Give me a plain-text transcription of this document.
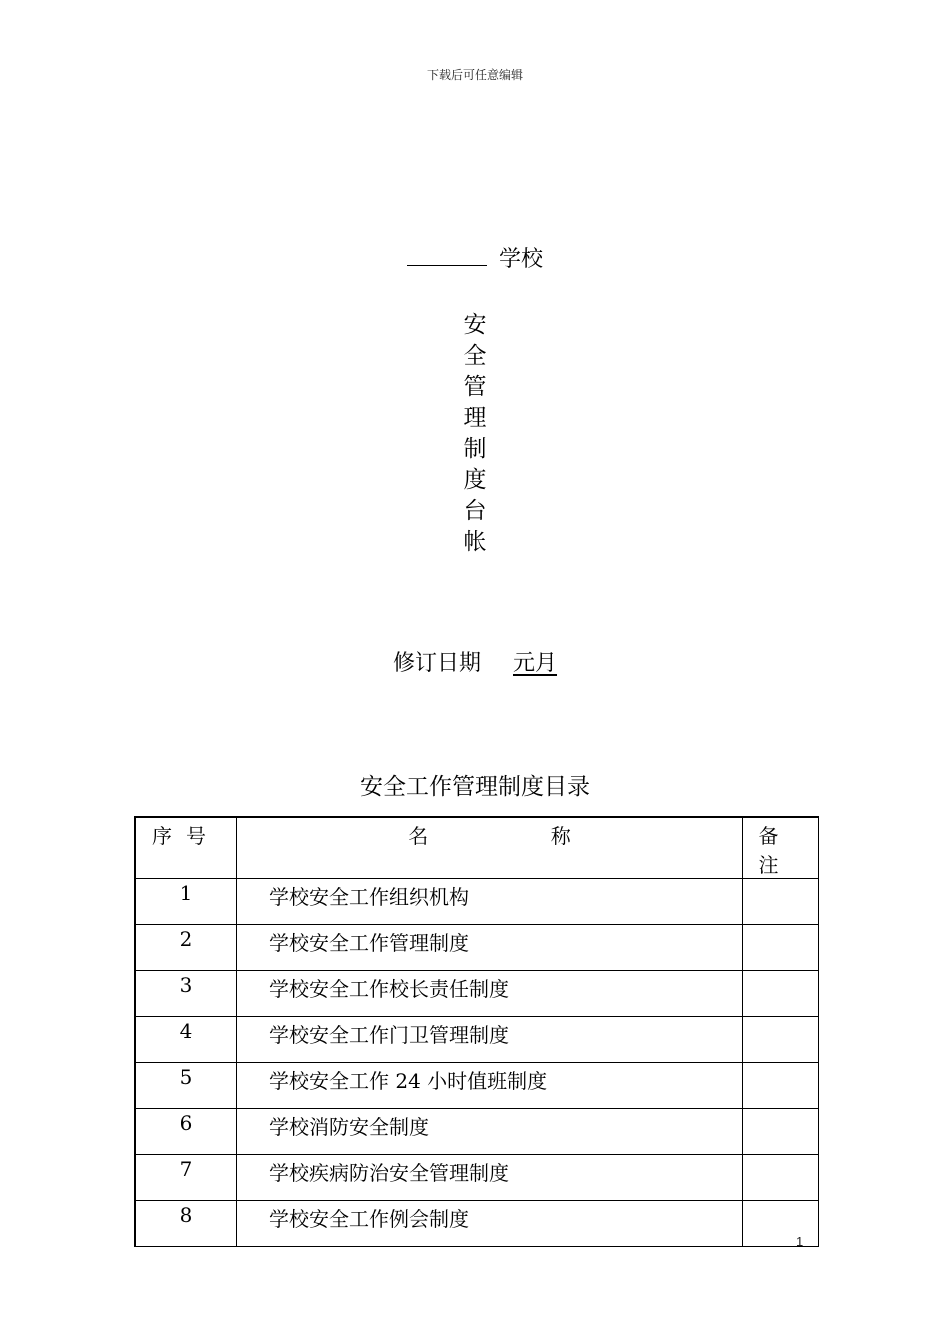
下载后可任意编辑
学校
安
全
管
理
制
度
台
帐
修订日期 元月
安全工作管理制度目录
序号	名 称	备注
1	学校安全工作组织机构	
2	学校安全工作管理制度	
3	学校安全工作校长责任制度	
4	学校安全工作门卫管理制度	
5	学校安全工作 24 小时值班制度	
6	学校消防安全制度	
7	学校疾病防治安全管理制度	
8	学校安全工作例会制度	
1
